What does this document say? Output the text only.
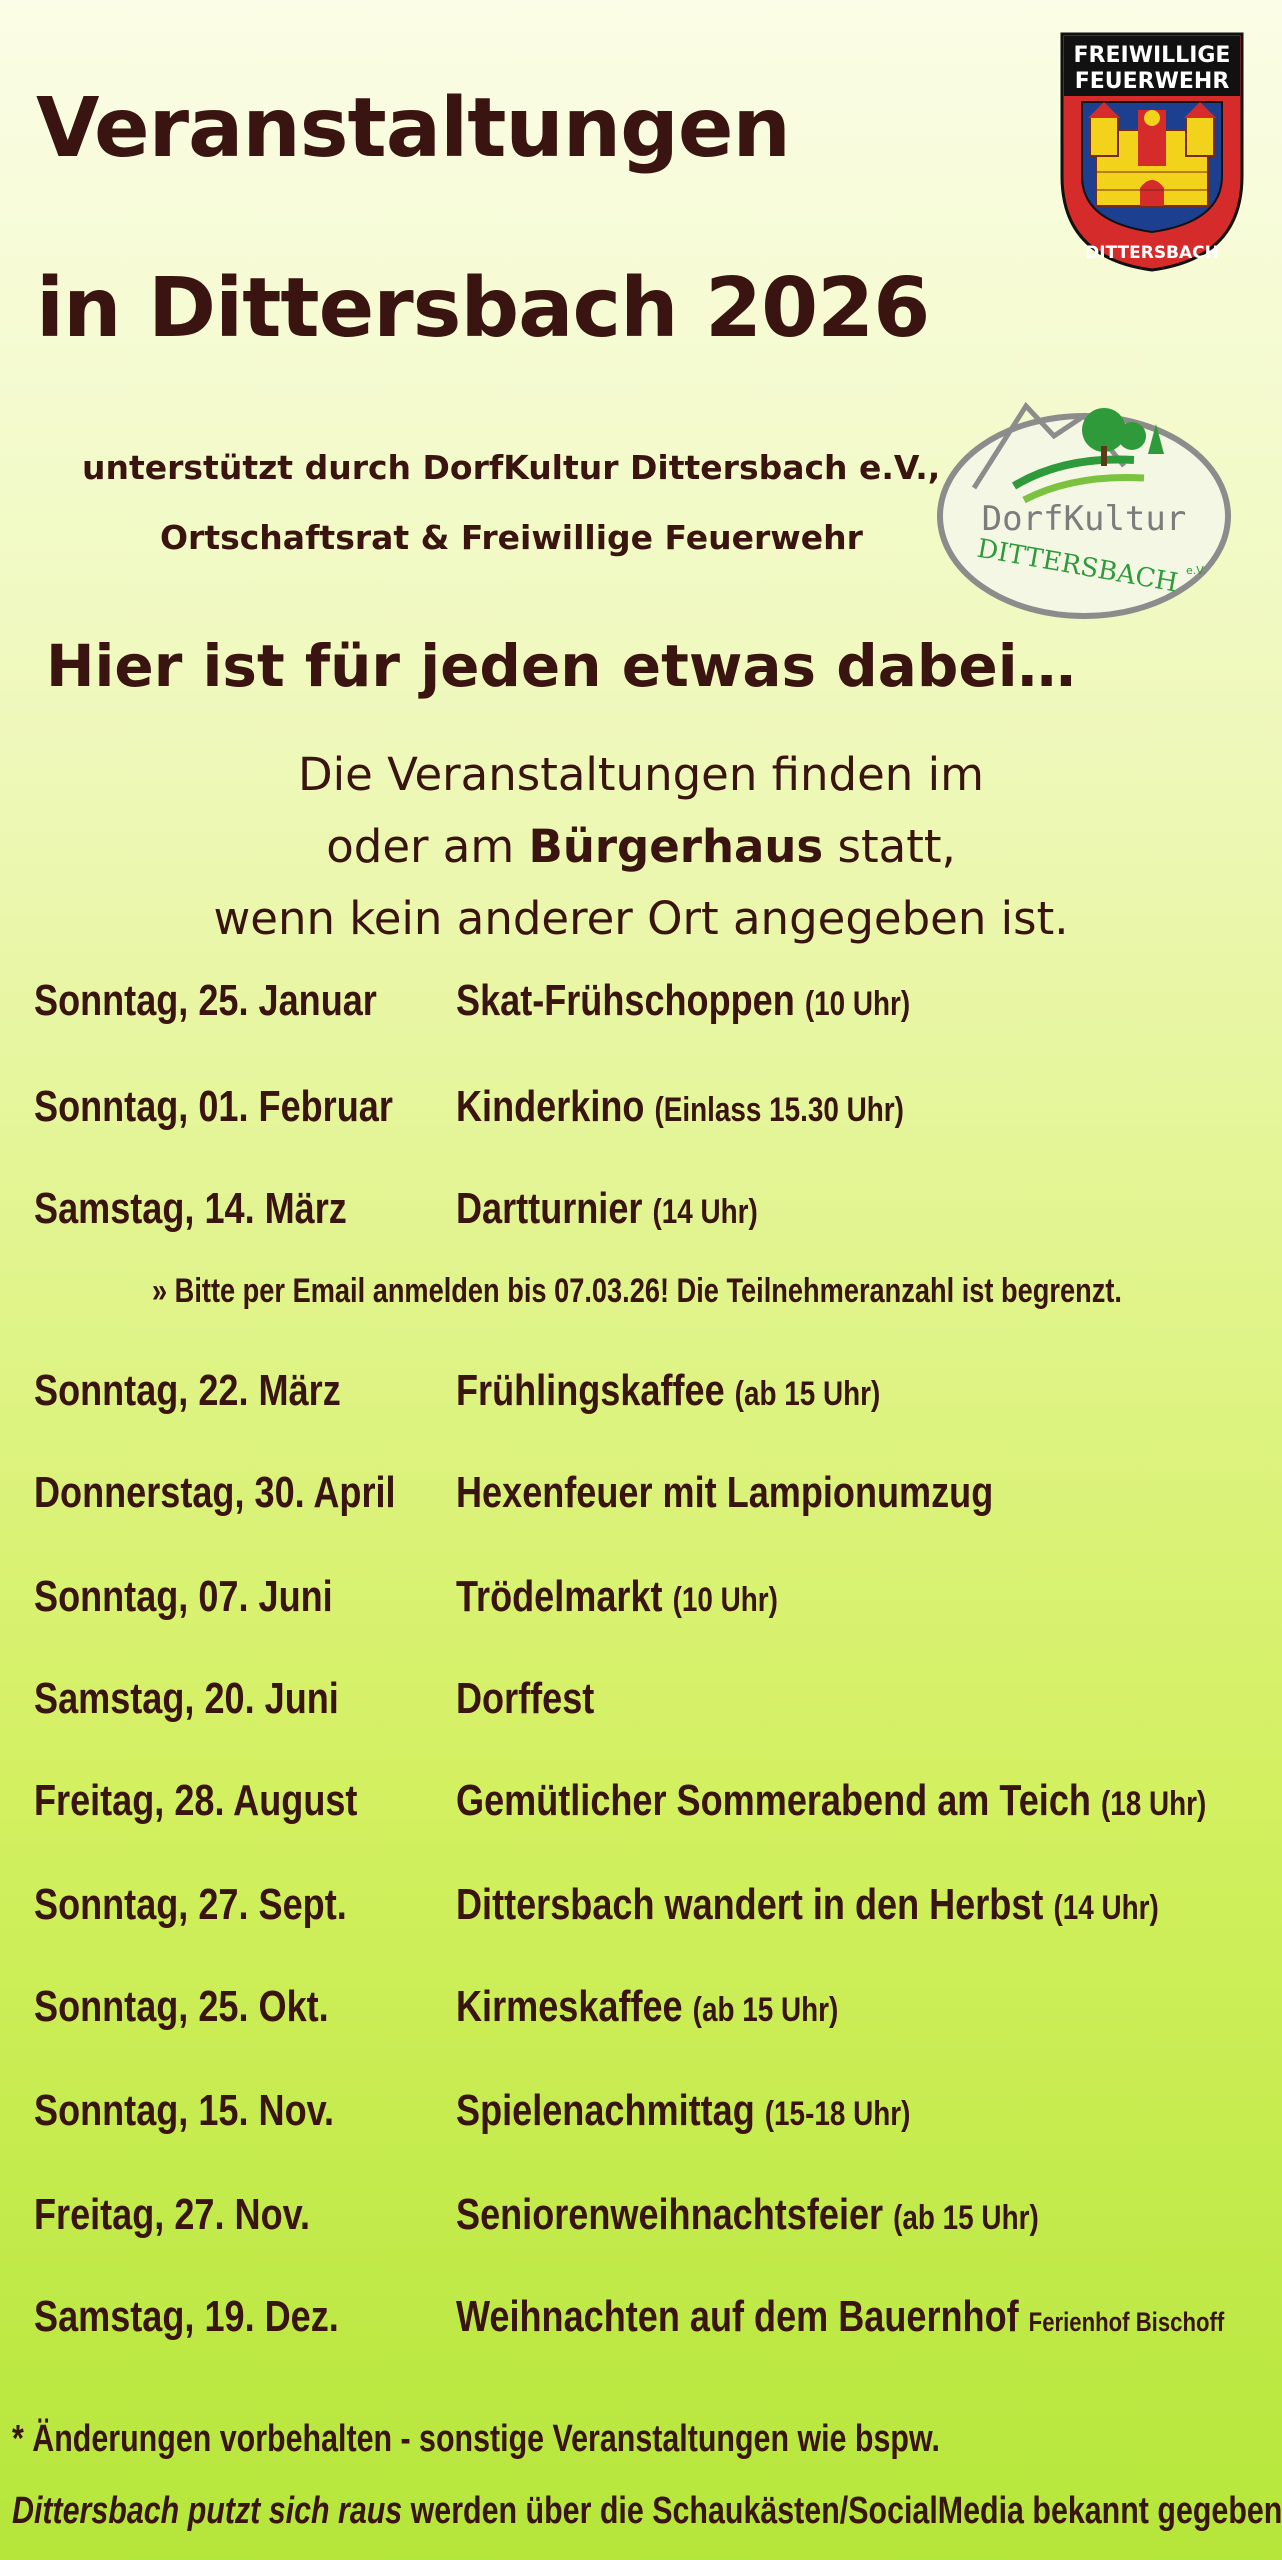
Veranstaltungen
in Dittersbach 2026
FREIWILLIGE
FEUERWEHR
DITTERSBACH
unterstützt durch DorfKultur Dittersbach e.V.,
Ortschaftsrat & Freiwillige Feuerwehr	DorfKultur
DITTERSBACH e.V.
Hier ist für jeden etwas dabei…
Die Veranstaltungen finden im
oder am Bürgerhaus statt,
wenn kein anderer Ort angegeben ist.
Sonntag, 25. Januar Skat-Frühschoppen (10 Uhr)
Sonntag, 01. Februar Kinderkino (Einlass 15.30 Uhr)
Samstag, 14. März Dartturnier (14 Uhr)
Sonntag, 22. März	Frühlingskaffee (ab 15 Uhr)
Donnerstag, 30. April Hexenfeuer mit Lampionumzug
Sonntag, 07. Juni	Trödelmarkt (10 Uhr)
Samstag, 20. Juni	Dorffest
Freitag, 28. August Gemütlicher Sommerabend am Teich (18 Uhr)
Sonntag, 27. Sept. Dittersbach wandert in den Herbst (14 Uhr)
Sonntag, 25. Okt.	Kirmeskaffee (ab 15 Uhr)
Sonntag, 15. Nov.	Spielenachmittag (15-18 Uhr)
Freitag, 27. Nov.	Seniorenweihnachtsfeier (ab 15 Uhr)
Samstag, 19. Dez.	Weihnachten auf dem Bauernhof Ferienhof Bischoff
» Bitte per Email anmelden bis 07.03.26! Die Teilnehmeranzahl ist begrenzt.
* Änderungen vorbehalten - sonstige Veranstaltungen wie bspw.
Dittersbach putzt sich raus werden über die Schaukästen/SocialMedia bekannt gegeben
